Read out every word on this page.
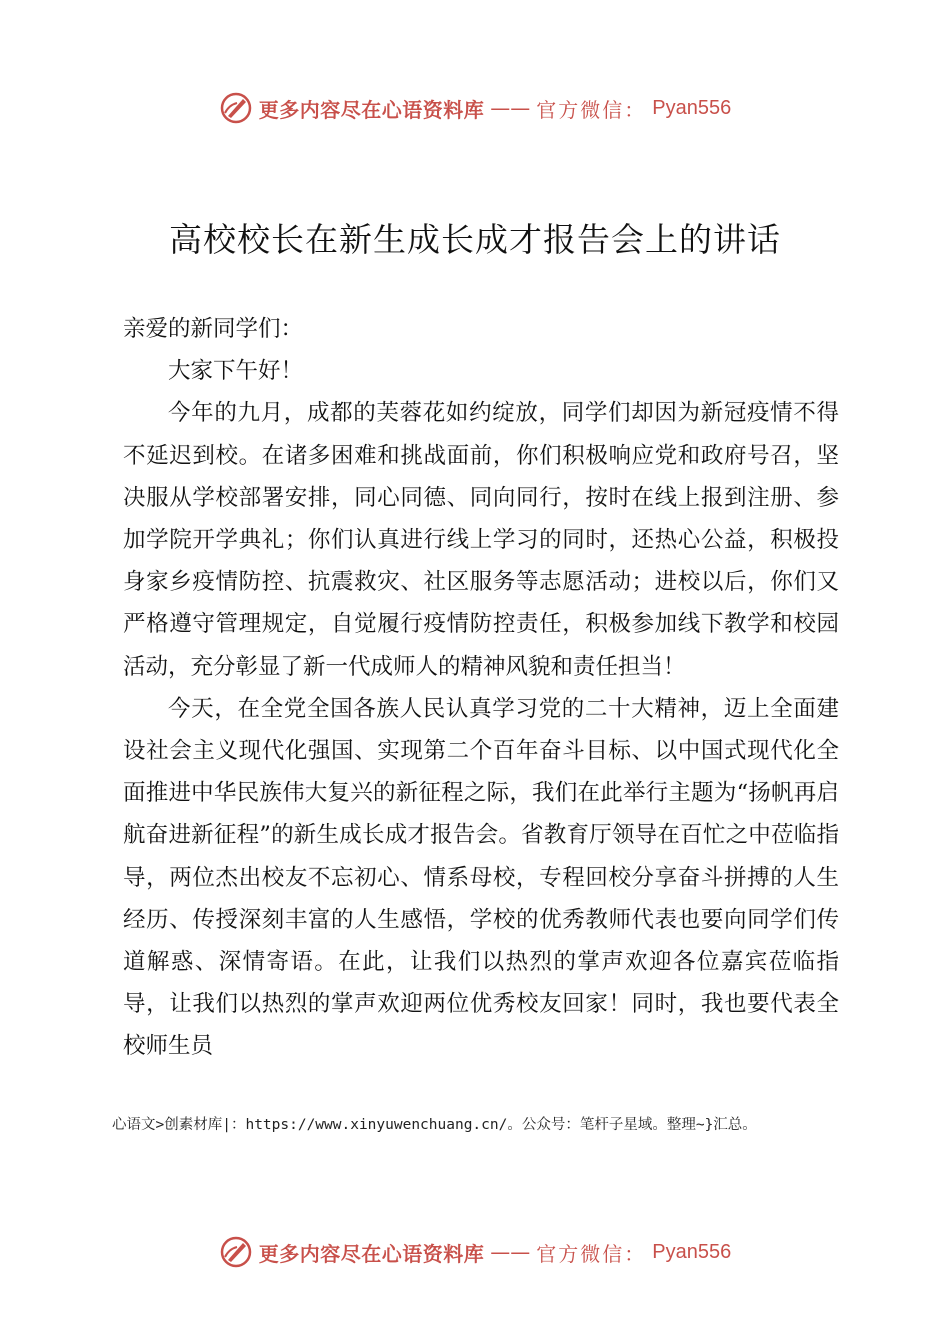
更多内容尽在心语资料库 —— 官方微信： Pyan556
高校校长在新生成长成才报告会上的讲话

亲爱的新同学们：

大家下午好！

今年的九月，成都的芙蓉花如约绽放，同学们却因为新冠疫情不得不延迟到校。在诸多困难和挑战面前，你们积极响应党和政府号召，坚决服从学校部署安排，同心同德、同向同行，按时在线上报到注册、参加学院开学典礼；你们认真进行线上学习的同时，还热心公益，积极投身家乡疫情防控、抗震救灾、社区服务等志愿活动；进校以后，你们又严格遵守管理规定，自觉履行疫情防控责任，积极参加线下教学和校园活动，充分彰显了新一代成师人的精神风貌和责任担当！

今天，在全党全国各族人民认真学习党的二十大精神，迈上全面建设社会主义现代化强国、实现第二个百年奋斗目标、以中国式现代化全面推进中华民族伟大复兴的新征程之际，我们在此举行主题为“扬帆再启航奋进新征程”的新生成长成才报告会。省教育厅领导在百忙之中莅临指导，两位杰出校友不忘初心、情系母校，专程回校分享奋斗拼搏的人生经历、传授深刻丰富的人生感悟，学校的优秀教师代表也要向同学们传道解惑、深情寄语。在此，让我们以热烈的掌声欢迎各位嘉宾莅临指导，让我们以热烈的掌声欢迎两位优秀校友回家！同时，我也要代表全校师生员

心语文>创素材库|：https://www.xinyuwenchuang.cn/。公众号：笔杆子星域。整理~}汇总。
更多内容尽在心语资料库 —— 官方微信： Pyan556
